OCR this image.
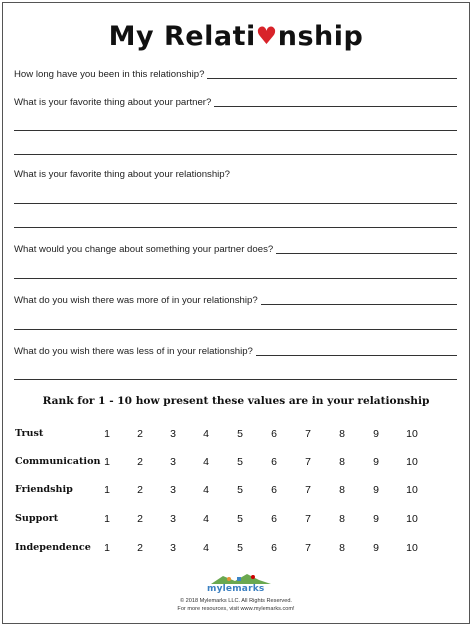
My Relati♥nship
How long have you been in this relationship?
What is your favorite thing about your partner?
What is your favorite thing about your relationship?
What would you change about something your partner does?
What do you wish there was more of in your relationship?
What do you wish there was less of in your relationship?
Rank for 1 - 10 how present these values are in your relationship
Trust	1	2	3	4	5	6	7	8	9	10
Communication 1	2	3	4	5	6	7	8	9	10
Friendship	1	2	3	4	5	6	7	8	9	10
Support	1	2	3	4	5	6	7	8	9	10
Independence	1	2	3	4	5	6	7	8	9	10
mylemarks
© 2018 Mylemarks LLC. All Rights Reserved.
For more resources, visit www.mylemarks.com!
